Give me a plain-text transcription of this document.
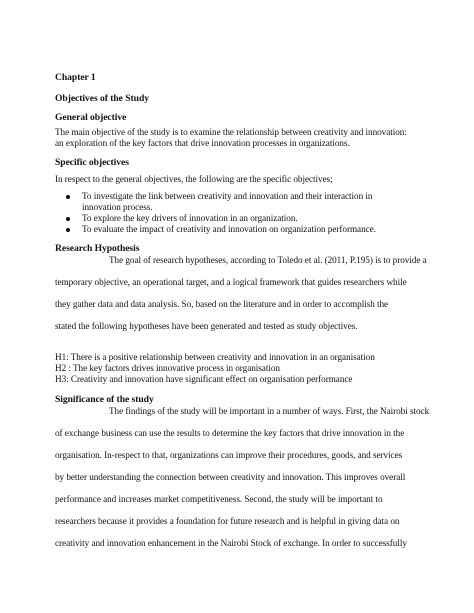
Chapter 1
Objectives of the Study
General objective
The main objective of the study is to examine the relationship between creativity and innovation:
an exploration of the key factors that drive innovation processes in organizations.
Specific objectives
In respect to the general objectives, the following are the specific objectives;
To investigate the link between creativity and innovation and their interaction in
innovation process.
To explore the key drivers of innovation in an organization.
To evaluate the impact of creativity and innovation on organization performance.
Research Hypothesis
The goal of research hypotheses, according to Toledo et al. (2011, P.195) is to provide a
temporary objective, an operational target, and a logical framework that guides researchers while
they gather data and data analysis. So, based on the literature and in order to accomplish the
stated the following hypotheses have been generated and tested as study objectives.
H1: There is a positive relationship between creativity and innovation in an organisation
H2 : The key factors drives innovative process in organisation
H3: Creativity and innovation have significant effect on organisation performance
Significance of the study
The findings of the study will be important in a number of ways. First, the Nairobi stock
of exchange business can use the results to determine the key factors that drive innovation in the
organisation. In-respect to that, organizations can improve their procedures, goods, and services
by better understanding the connection between creativity and innovation. This improves overall
performance and increases market competitiveness. Second, the study will be important to
researchers because it provides a foundation for future research and is helpful in giving data on
creativity and innovation enhancement in the Nairobi Stock of exchange. In order to successfully
